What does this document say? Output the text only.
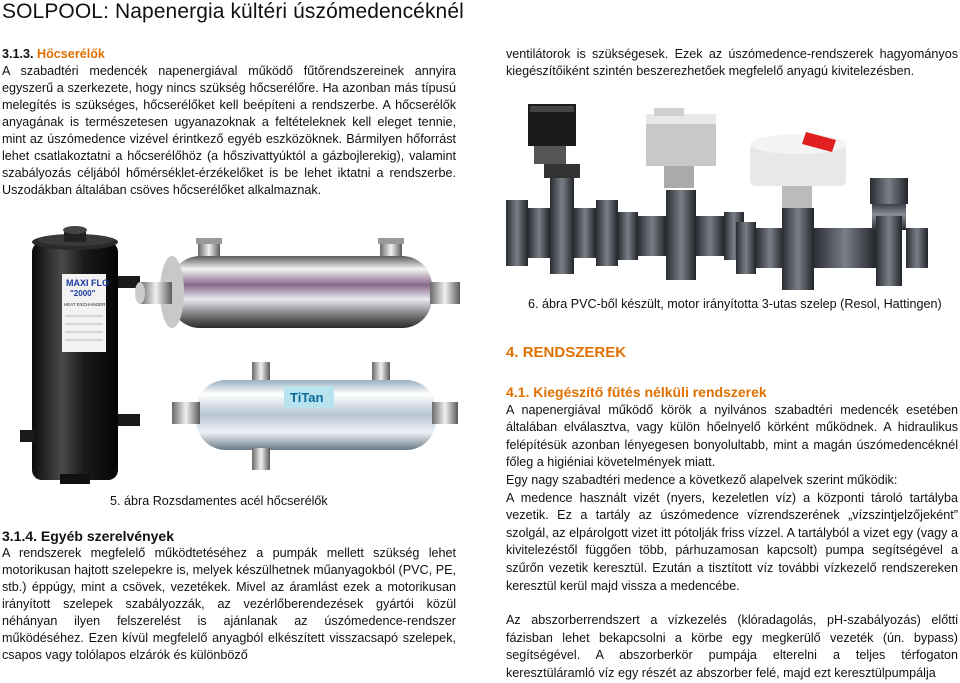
SOLPOOL: Napenergia kültéri úszómedencéknél
3.1.3. Hőcserélők

A szabadtéri medencék napenergiával működő fűtőrendszereinek annyira egyszerű a szerkezete, hogy nincs szükség hőcserélőre. Ha azonban más típusú melegítés is szükséges, hőcserélőket kell beépíteni a rendszerbe. A hőcserélők anyagának is természetesen ugyanazoknak a feltételeknek kell eleget tennie, mint az úszómedence vizével érintkező egyéb eszközöknek. Bármilyen hőforrást lehet csatlakoztatni a hőcserélőhöz (a hőszivattyúktól a gázbojlerekig), valamint szabályozás céljából hőmérséklet-érzékelőket is be lehet iktatni a rendszerbe. Uszodákban általában csöves hőcserélőket alkalmaznak.

MAXI FLO
"2000"
HEAT EXCHANGER
TiTan
5. ábra Rozsdamentes acél hőcserélők
3.1.4. Egyéb szerelvények

A rendszerek megfelelő működtetéséhez a pumpák mellett szükség lehet motorikusan hajtott szelepekre is, melyek készülhetnek műanyagokból (PVC, PE, stb.) éppúgy, mint a csövek, vezetékek. Mivel az áramlást ezek a motorikusan irányított szelepek szabályozzák, az vezérlőberendezések gyártói közül néhányan ilyen felszerelést is ajánlanak az úszómedence-rendszer működéséhez. Ezen kívül megfelelő anyagból elkészített visszacsapó szelepek, csapos vagy tolólapos elzárók és különböző

ventilátorok is szükségesek. Ezek az úszómedence-rendszerek hagyományos kiegészítőiként szintén beszerezhetőek megfelelő anyagú kivitelezésben.

6. ábra PVC-ből készült, motor irányította 3-utas szelep (Resol, Hattingen)
4. RENDSZEREK
4.1. Kiegészítő fűtés nélküli rendszerek

A napenergiával működő körök a nyilvános szabadtéri medencék esetében általában elválasztva, vagy külön hőelnyelő körként működnek. A hidraulikus felépítésük azonban lényegesen bonyolultabb, mint a magán úszómedencéknél főleg a higiéniai követelmények miatt.

Egy nagy szabadtéri medence a következő alapelvek szerint működik:

A medence használt vizét (nyers, kezeletlen víz) a központi tároló tartályba vezetik. Ez a tartály az úszómedence vízrendszerének „vízszintjelzőjeként” szolgál, az elpárolgott vizet itt pótolják friss vízzel. A tartályból a vizet egy (vagy a kivitelezéstől függően több, párhuzamosan kapcsolt) pumpa segítségével a szűrőn vezetik keresztül. Ezután a tisztított víz további vízkezelő rendszereken keresztül kerül majd vissza a medencébe.

Az abszorberrendszert a vízkezelés (klóradagolás, pH-szabályozás) előtti fázisban lehet bekapcsolni a körbe egy megkerülő vezeték (ún. bypass) segítségével. A abszorberkör pumpája elterelni a teljes térfogaton keresztüláramló víz egy részét az abszorber felé, majd ezt keresztülpumpálja
